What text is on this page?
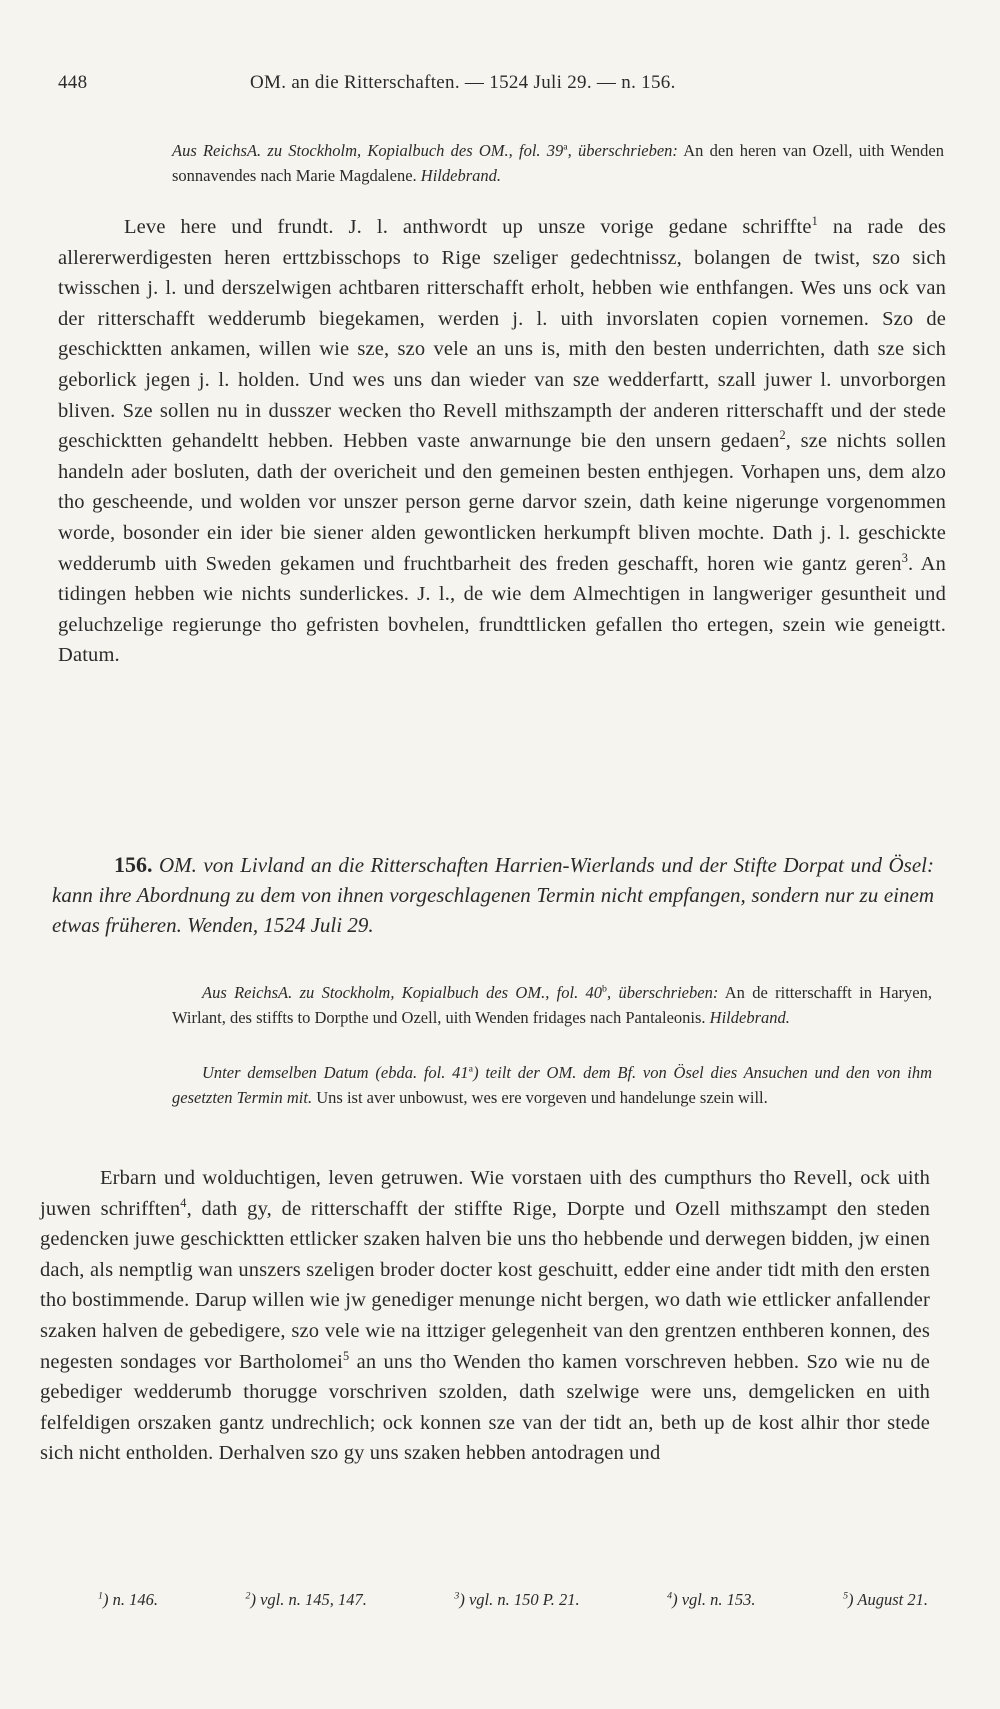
448	OM. an die Ritterschaften. — 1524 Juli 29. — n. 156.
Aus ReichsA. zu Stockholm, Kopialbuch des OM., fol. 39$^a$, überschrieben: An den heren van Ozell, uith Wenden sonnavendes nach Marie Magdalene. Hildebrand.
Leve here und frundt. J. l. anthwordt up unsze vorige gedane schriffte$^1$ na rade des allererwerdigesten heren erttzbisschops to Rige szeliger gedechtnissz, bolangen de twist, szo sich twisschen j. l. und derszelwigen achtbaren ritterschafft erholt, hebben wie enthfangen. Wes uns ock van der ritterschafft wedderumb biegekamen, werden j. l. uith invorslaten copien vornemen. Szo de geschicktten ankamen, willen wie sze, szo vele an uns is, mith den besten underrichten, dath sze sich geborlick jegen j. l. holden. Und wes uns dan wieder van sze wedderfartt, szall juwer l. unvorborgen bliven. Sze sollen nu in dusszer wecken tho Revell mithszampth der anderen ritterschafft und der stede geschicktten gehandeltt hebben. Hebben vaste anwarnunge bie den unsern gedaen$^2$, sze nichts sollen handeln ader bosluten, dath der overicheit und den gemeinen besten enthjegen. Vorhapen uns, dem alzo tho gescheende, und wolden vor unszer person gerne darvor szein, dath keine nigerunge vorgenommen worde, bosonder ein ider bie siener alden gewontlicken herkumpft bliven mochte. Dath j. l. geschickte wedderumb uith Sweden gekamen und fruchtbarheit des freden geschafft, horen wie gantz geren$^3$. An tidingen hebben wie nichts sunderlickes. J. l., de wie dem Almechtigen in langweriger gesuntheit und geluchzelige regierunge tho gefristen bovhelen, frundttlicken gefallen tho ertegen, szein wie geneigtt. Datum.
156. OM. von Livland an die Ritterschaften Harrien-Wierlands und der Stifte Dorpat und Ösel: kann ihre Abordnung zu dem von ihnen vorgeschlagenen Termin nicht empfangen, sondern nur zu einem etwas früheren. Wenden, 1524 Juli 29.
Aus ReichsA. zu Stockholm, Kopialbuch des OM., fol. 40$^b$, überschrieben: An de ritterschafft in Haryen, Wirlant, des stiffts to Dorpthe und Ozell, uith Wenden fridages nach Pantaleonis. Hildebrand.
Unter demselben Datum (ebda. fol. 41$^a$) teilt der OM. dem Bf. von Ösel dies Ansuchen und den von ihm gesetzten Termin mit. Uns ist aver unbowust, wes ere vorgeven und handelunge szein will.
Erbarn und wolduchtigen, leven getruwen. Wie vorstaen uith des cumpthurs tho Revell, ock uith juwen schrifften$^4$, dath gy, de ritterschafft der stiffte Rige, Dorpte und Ozell mithszampt den steden gedencken juwe geschicktten ettlicker szaken halven bie uns tho hebbende und derwegen bidden, jw einen dach, als nemptlig wan unszers szeligen broder docter kost geschuitt, edder eine ander tidt mith den ersten tho bostimmende. Darup willen wie jw genediger menunge nicht bergen, wo dath wie ettlicker anfallender szaken halven de gebedigere, szo vele wie na ittziger gelegenheit van den grentzen enthberen konnen, des negesten sondages vor Bartholomei$^5$ an uns tho Wenden tho kamen vorschreven hebben. Szo wie nu de gebediger wedderumb thorugge vorschriven szolden, dath szelwige were uns, demgelicken en uith felfeldigen orszaken gantz undrechlich; ock konnen sze van der tidt an, beth up de kost alhir thor stede sich nicht entholden. Derhalven szo gy uns szaken hebben antodragen und
$^1$) n. 146.	$^2$) vgl. n. 145, 147.	$^3$) vgl. n. 150 P. 21.	$^4$) vgl. n. 153.	$^5$) August 21.
